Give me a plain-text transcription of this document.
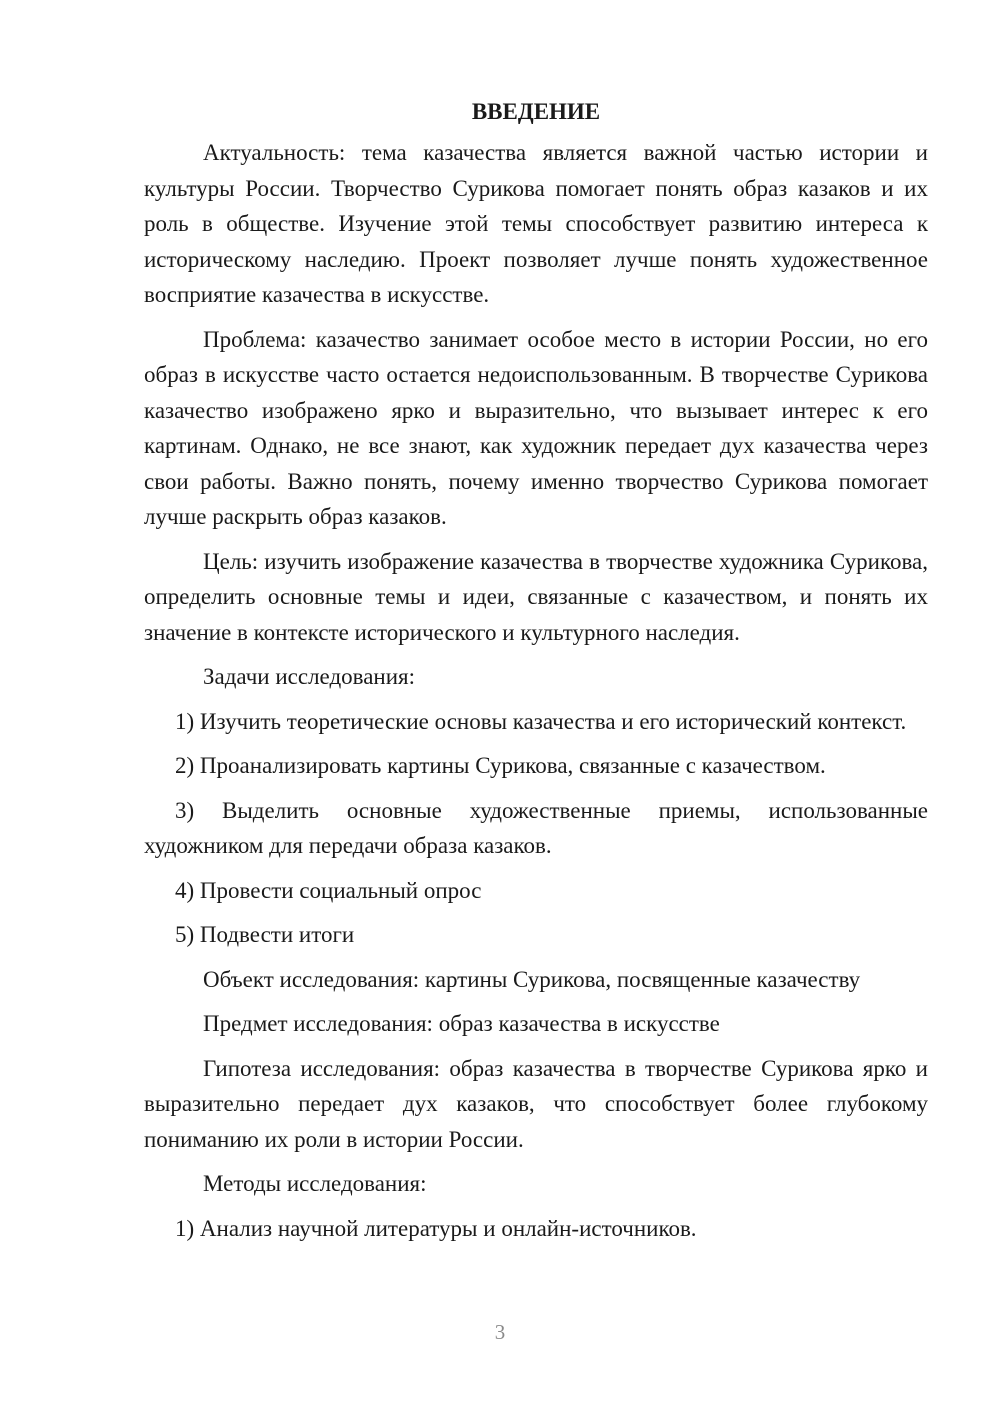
ВВЕДЕНИЕ

Актуальность: тема казачества является важной частью истории и культуры России. Творчество Сурикова помогает понять образ казаков и их роль в обществе. Изучение этой темы способствует развитию интереса к историческому наследию. Проект позволяет лучше понять художественное восприятие казачества в искусстве.

Проблема: казачество занимает особое место в истории России, но его образ в искусстве часто остается недоиспользованным. В творчестве Сурикова казачество изображено ярко и выразительно, что вызывает интерес к его картинам. Однако, не все знают, как художник передает дух казачества через свои работы. Важно понять, почему именно творчество Сурикова помогает лучше раскрыть образ казаков.

Цель: изучить изображение казачества в творчестве художника Сурикова, определить основные темы и идеи, связанные с казачеством, и понять их значение в контексте исторического и культурного наследия.

Задачи исследования:

1) Изучить теоретические основы казачества и его исторический контекст.
2) Проанализировать картины Сурикова, связанные с казачеством.
3) Выделить основные художественные приемы, использованные художником для передачи образа казаков.
4) Провести социальный опрос
5) Подвести итоги

Объект исследования: картины Сурикова, посвященные казачеству

Предмет исследования: образ казачества в искусстве

Гипотеза исследования: образ казачества в творчестве Сурикова ярко и выразительно передает дух казаков, что способствует более глубокому пониманию их роли в истории России.

Методы исследования:

1) Анализ научной литературы и онлайн-источников.
3
